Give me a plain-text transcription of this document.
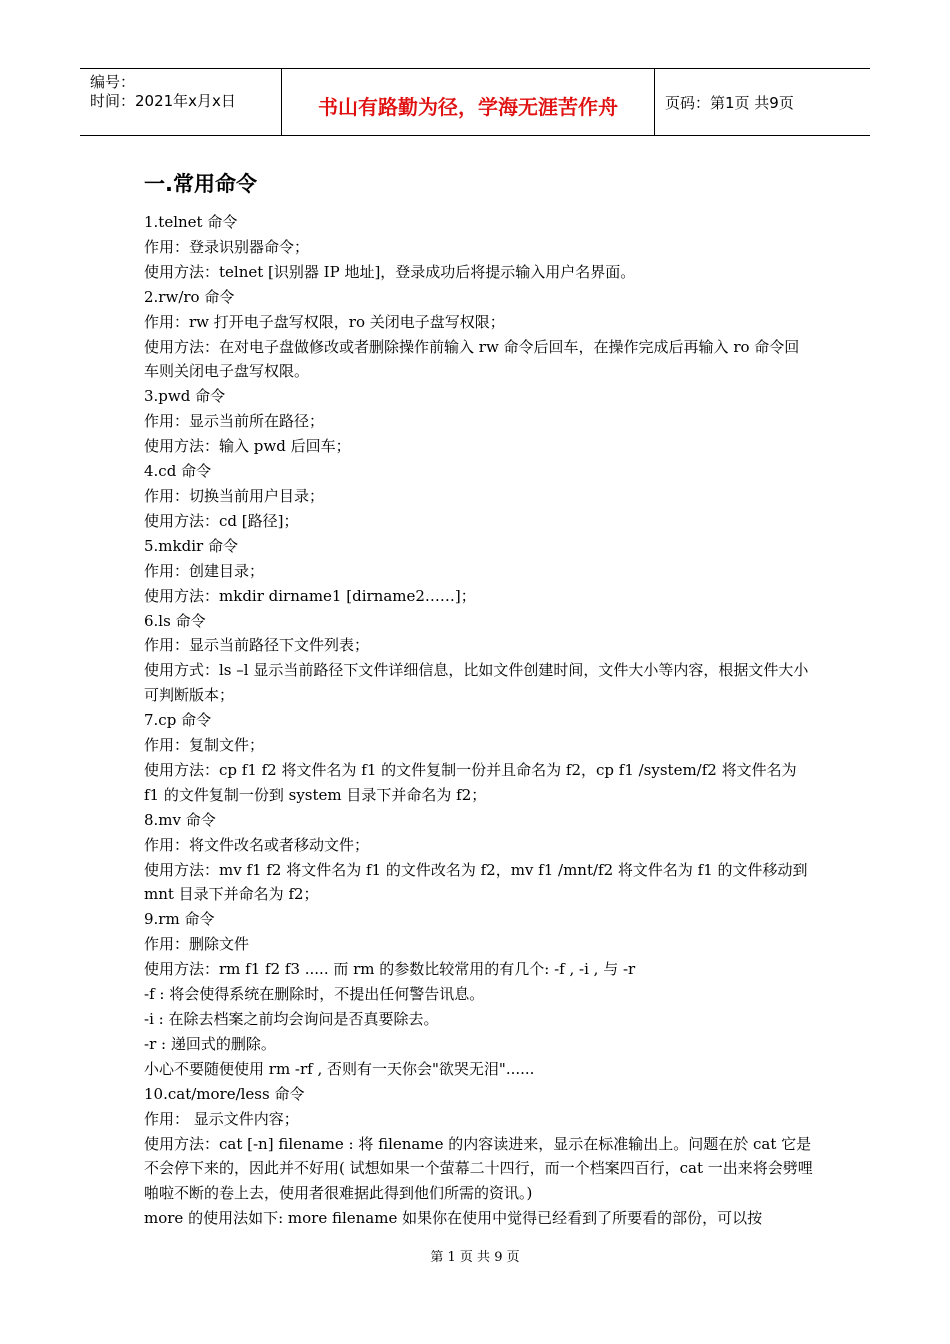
编号：
时间：2021年x月x日	书山有路勤为径，学海无涯苦作舟	页码：第1页 共9页
一.常用命令

1.telnet 命令

作用：登录识别器命令；

使用方法：telnet [识别器 IP 地址]，登录成功后将提示输入用户名界面。

2.rw/ro 命令

作用：rw 打开电子盘写权限，ro 关闭电子盘写权限；

使用方法：在对电子盘做修改或者删除操作前输入 rw 命令后回车，在操作完成后再输入 ro 命令回车则关闭电子盘写权限。

3.pwd 命令

作用：显示当前所在路径；

使用方法：输入 pwd 后回车；

4.cd 命令

作用：切换当前用户目录；

使用方法：cd [路径]；

5.mkdir 命令

作用：创建目录；

使用方法：mkdir dirname1 [dirname2……]；

6.ls 命令

作用：显示当前路径下文件列表；

使用方式：ls –l 显示当前路径下文件详细信息，比如文件创建时间，文件大小等内容，根据文件大小可判断版本；

7.cp 命令

作用：复制文件；

使用方法：cp f1 f2 将文件名为 f1 的文件复制一份并且命名为 f2，cp f1 /system/f2 将文件名为 f1 的文件复制一份到 system 目录下并命名为 f2；

8.mv 命令

作用：将文件改名或者移动文件；

使用方法：mv f1 f2 将文件名为 f1 的文件改名为 f2，mv f1 /mnt/f2 将文件名为 f1 的文件移动到 mnt 目录下并命名为 f2；

9.rm 命令

作用：删除文件

使用方法：rm f1 f2 f3 ..... 而 rm 的参数比较常用的有几个: -f , -i , 与 -r

-f : 将会使得系统在删除时，不提出任何警告讯息。

-i : 在除去档案之前均会询问是否真要除去。

-r : 递回式的删除。

小心不要随便使用 rm -rf , 否则有一天你会"欲哭无泪"......

10.cat/more/less 命令

作用： 显示文件内容；

使用方法：cat [-n] filename : 将 filename 的内容读进来，显示在标准输出上。问题在於 cat 它是不会停下来的，因此并不好用( 试想如果一个萤幕二十四行，而一个档案四百行，cat 一出来将会劈哩啪啦不断的卷上去，使用者很难据此得到他们所需的资讯。)

more 的使用法如下: more filename 如果你在使用中觉得已经看到了所要看的部份，可以按

第 1 页 共 9 页
